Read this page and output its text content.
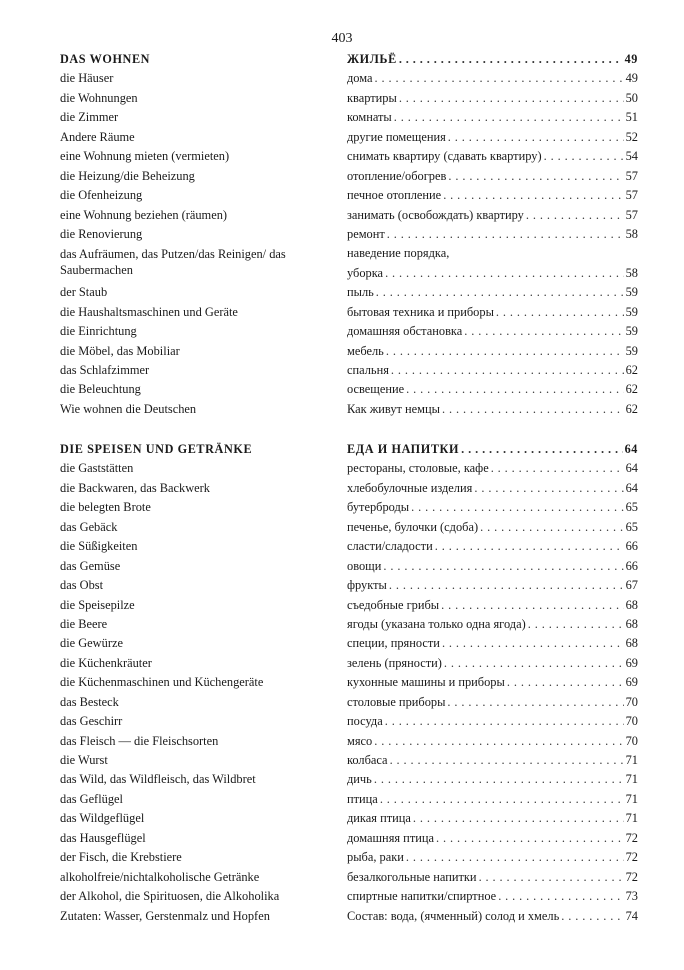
403
DAS WOHNEN	ЖИЛЬЁ . . .	49
die Häuser	дома . . .	49
die Wohnungen	квартиры . . .	50
die Zimmer	комнаты . . .	51
Andere Räume	другие помещения . . .	52
eine Wohnung mieten (vermieten)	снимать квартиру (сдавать квартиру) . . .	54
die Heizung/die Beheizung	отопление/обогрев . . .	57
die Ofenheizung	печное отопление . . .	57
eine Wohnung beziehen (räumen)	занимать (освобождать) квартиру . . .	57
die Renovierung	ремонт . . .	58
das Aufräumen, das Putzen/das Reinigen/ das Saubermachen
наведение порядка,
уборка . . .	58
der Staub	пыль . . .	59
die Haushaltsmaschinen und Geräte	бытовая техника и приборы . . .	59
die Einrichtung	домашняя обстановка . . .	59
die Möbel, das Mobiliar	мебель . . .	59
das Schlafzimmer	спальня . . .	62
die Beleuchtung	освещение . . .	62
Wie wohnen die Deutschen	Как живут немцы . . .	62
DIE SPEISEN UND GETRÄNKE	ЕДА И НАПИТКИ . . .	64
die Gaststätten	рестораны, столовые, кафе . . .	64
die Backwaren, das Backwerk	хлебобулочные изделия . . .	64
die belegten Brote	бутерброды . . .	65
das Gebäck	печенье, булочки (сдоба) . . .	65
die Süßigkeiten	сласти/сладости . . .	66
das Gemüse	овощи . . .	66
das Obst	фрукты . . .	67
die Speisepilze	съедобные грибы . . .	68
die Beere	ягоды (указана только одна ягода) . . .	68
die Gewürze	специи, пряности . . .	68
die Küchenkräuter	зелень (пряности) . . .	69
die Küchenmaschinen und Küchengeräte	кухонные машины и приборы . . .	69
das Besteck	столовые приборы . . .	70
das Geschirr	посуда . . .	70
das Fleisch — die Fleischsorten	мясо . . .	70
die Wurst	колбаса . . .	71
das Wild, das Wildfleisch, das Wildbret	дичь . . .	71
das Geflügel	птица . . .	71
das Wildgeflügel	дикая птица . . .	71
das Hausgeflügel	домашняя птица . . .	72
der Fisch, die Krebstiere	рыба, раки . . .	72
alkoholfreie/nichtalkoholische Getränke	безалкогольные напитки . . .	72
der Alkohol, die Spirituosen, die Alkoholika	спиртные напитки/спиртное . . .	73
Zutaten: Wasser, Gerstenmalz und Hopfen	Состав: вода, (ячменный) солод и хмель . . .	74
